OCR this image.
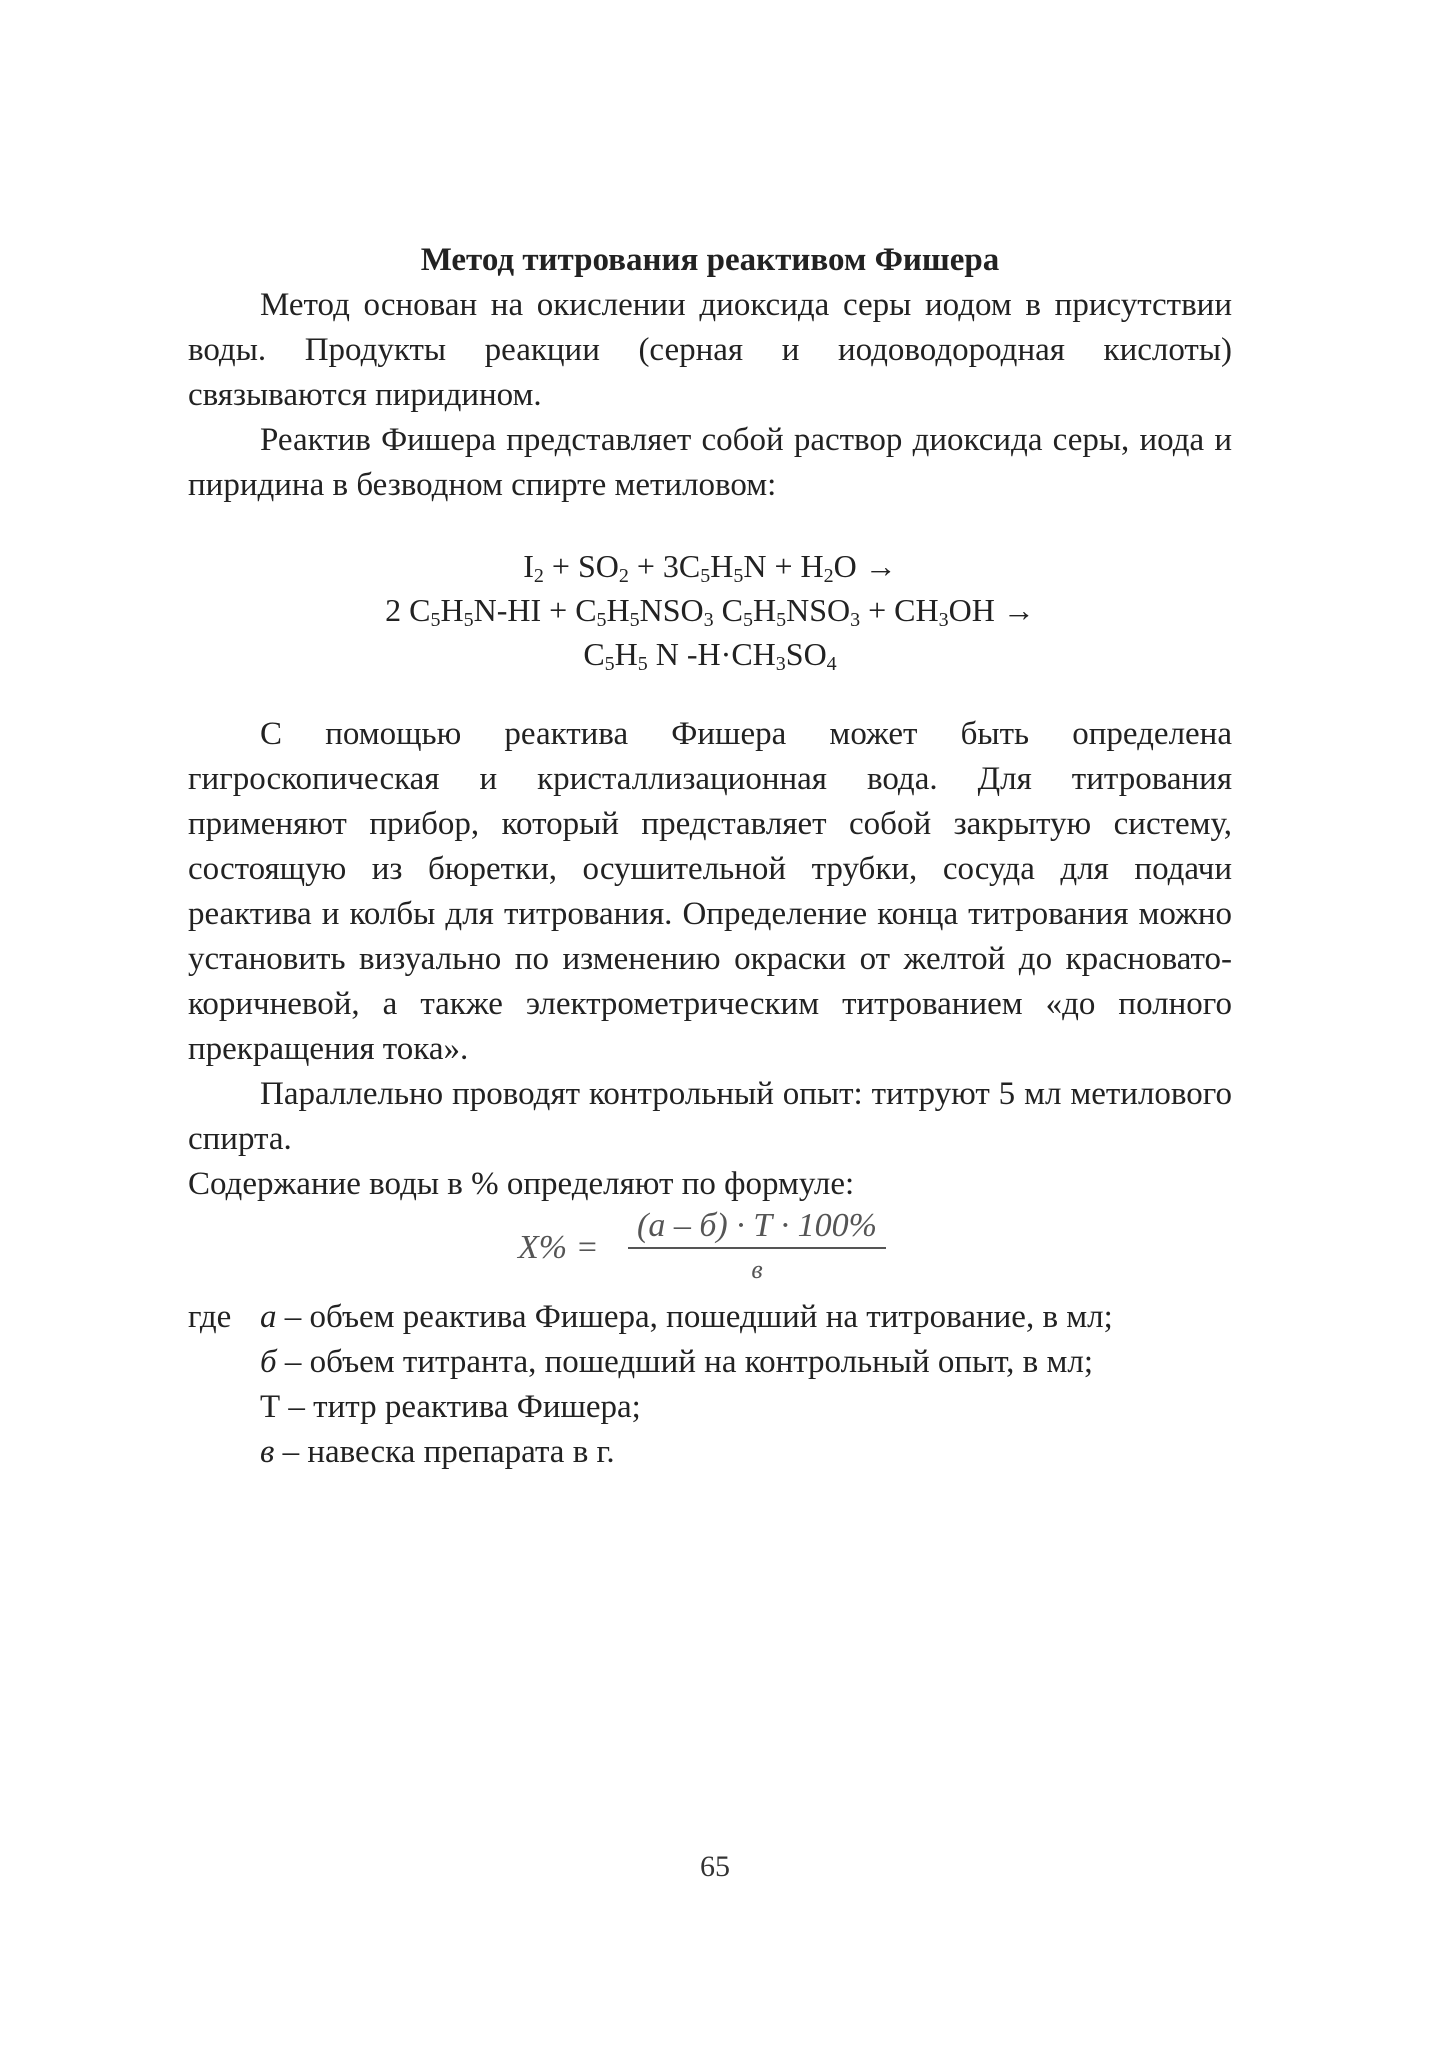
Метод титрования реактивом Фишера

Метод основан на окислении диоксида серы иодом в присутствии воды. Продукты реакции (серная и иодоводородная кислоты) связываются пиридином.

Реактив Фишера представляет собой раствор диоксида серы, иода и пиридина в безводном спирте метиловом:

$I_2 + SO_2 + 3C_5H_5N + H_2O$ →
2 $C_5H_5N-HI + C_5H_5NSO_3$ $C_5H_5NSO_3 + CH_3OH$ →
$C_5H_5$ N $-H\cdot CH_3SO_4$

С помощью реактива Фишера может быть определена гигроскопическая и кристаллизационная вода. Для титрования применяют прибор, который представляет собой закрытую систему, состоящую из бюретки, осушительной трубки, сосуда для подачи реактива и колбы для титрования. Определение конца титрования можно установить визуально по изменению окраски от желтой до красновато-коричневой, а также электрометрическим титрованием «до полного прекращения тока».

Параллельно проводят контрольный опыт: титруют 5 мл метилового спирта.

Содержание воды в % определяют по формуле:

X% =
(а – б) · Т · 100%
в
где а – объем реактива Фишера, пошедший на титрование, в мл;
б – объем титранта, пошедший на контрольный опыт, в мл;
Т – титр реактива Фишера;
в – навеска препарата в г.
65
